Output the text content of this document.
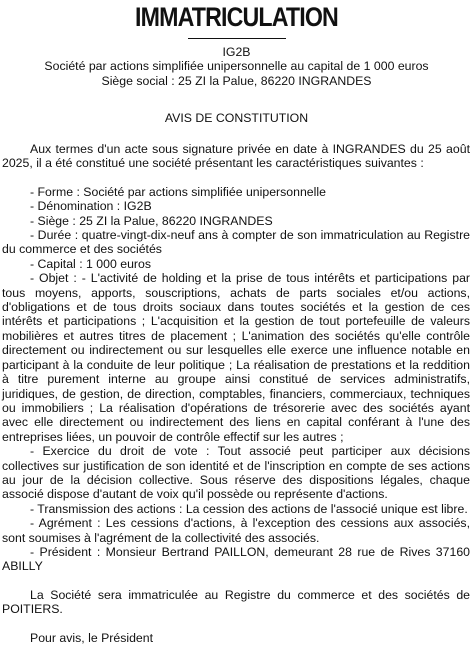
IMMATRICULATION
IG2B
Société par actions simplifiée unipersonnelle au capital de 1 000 euros
Siège social : 25 ZI la Palue, 86220 INGRANDES
AVIS DE CONSTITUTION

Aux termes d'un acte sous signature privée en date à INGRANDES du 25 août 2025, il a été constitué une société présentant les caractéristiques suivantes :

- Forme : Société par actions simplifiée unipersonnelle

- Dénomination : IG2B

- Siège : 25 ZI la Palue, 86220 INGRANDES

- Durée : quatre-vingt-dix-neuf ans à compter de son immatriculation au Registre du commerce et des sociétés

- Capital : 1 000 euros

- Objet : - L'activité de holding et la prise de tous intérêts et participations par tous moyens, apports, souscriptions, achats de parts sociales et/ou actions, d'obligations et de tous droits sociaux dans toutes sociétés et la gestion de ces intérêts et participations ; L'acquisition et la gestion de tout portefeuille de valeurs mobilières et autres titres de placement ; L'animation des sociétés qu'elle contrôle directement ou indirectement ou sur lesquelles elle exerce une influence notable en participant à la conduite de leur politique ; La réalisation de prestations et la reddition à titre purement interne au groupe ainsi constitué de services administratifs, juridiques, de gestion, de direction, comptables, financiers, commerciaux, techniques ou immobiliers ; La réalisation d'opérations de trésorerie avec des sociétés ayant avec elle directement ou indirectement des liens en capital conférant à l'une des entreprises liées, un pouvoir de contrôle effectif sur les autres ;

- Exercice du droit de vote : Tout associé peut participer aux décisions collectives sur justification de son identité et de l'inscription en compte de ses actions au jour de la décision collective. Sous réserve des dispositions légales, chaque associé dispose d'autant de voix qu'il possède ou représente d'actions.

- Transmission des actions : La cession des actions de l'associé unique est libre.

- Agrément : Les cessions d'actions, à l'exception des cessions aux associés, sont soumises à l'agrément de la collectivité des associés.

- Président : Monsieur Bertrand PAILLON, demeurant 28 rue de Rives 37160 ABILLY

La Société sera immatriculée au Registre du commerce et des sociétés de POITIERS.

Pour avis, le Président
